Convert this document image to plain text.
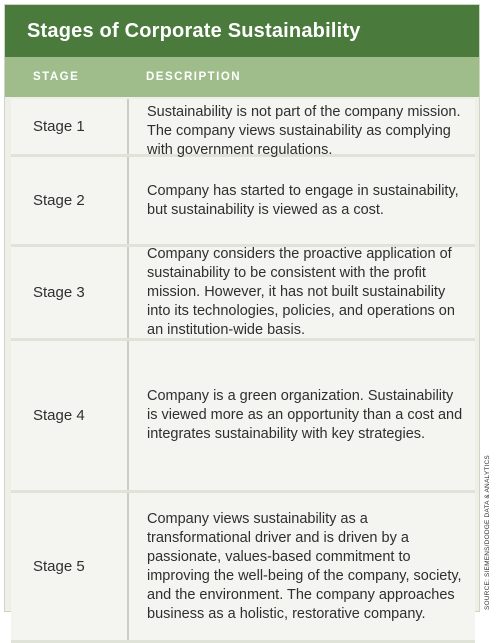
Stages of Corporate Sustainability
STAGE	DESCRIPTION
Stage 1
Sustainability is not part of the company mission. The company views sustainability as complying with government regulations.
Stage 2
Company has started to engage in sustainability, but sustainability is viewed as a cost.
Stage 3
Company considers the proactive application of sustainability to be consistent with the profit mission. However, it has not built sustainability into its technologies, policies, and operations on an institution-wide basis.
Stage 4
Company is a green organization. Sustainability is viewed more as an opportunity than a cost and integrates sustainability with key strategies.
Stage 5
Company views sustainability as a transformational driver and is driven by a passionate, values-based commitment to improving the well-being of the company, society, and the environment. The company approaches business as a holistic, restorative company.
SOURCE: SIEMENS/DODGE DATA & ANALYTICS
